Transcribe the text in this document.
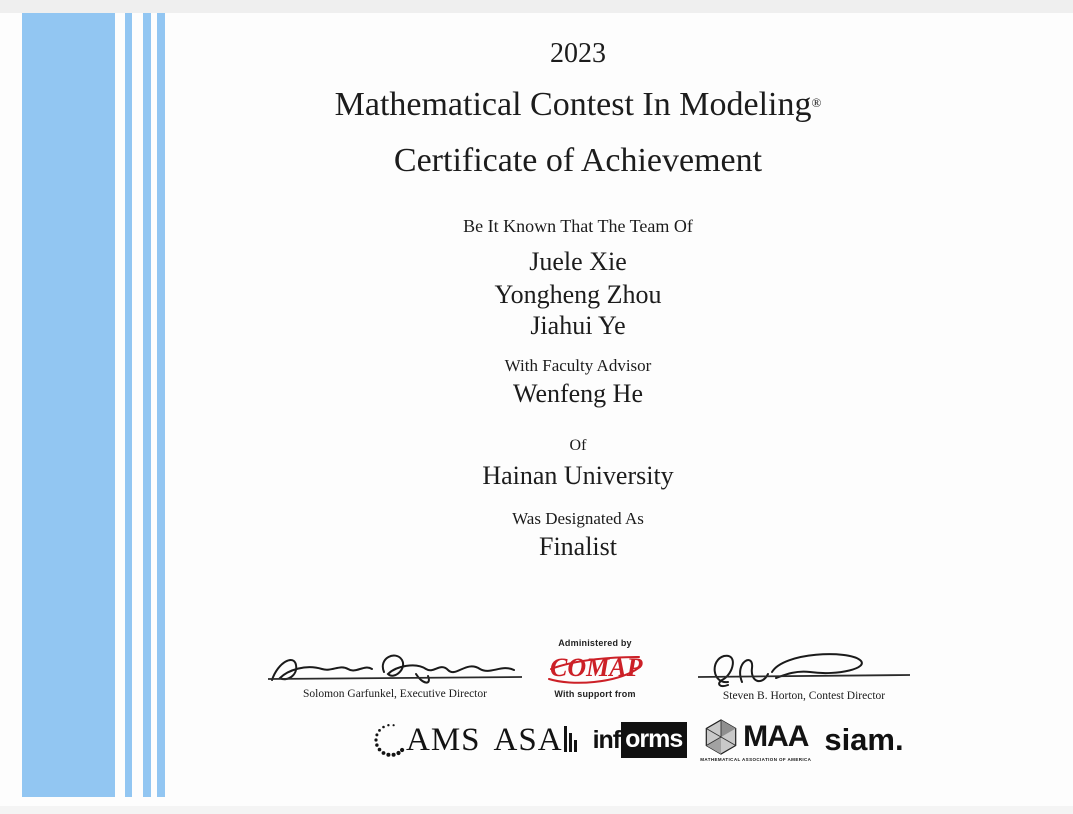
2023
Mathematical Contest In Modeling®
Certificate of Achievement
Be It Known That The Team Of
Juele Xie
Yongheng Zhou
Jiahui Ye
With Faculty Advisor
Wenfeng He
Of
Hainan University
Was Designated As
Finalist
Solomon Garfunkel, Executive Director
Administered by
COMAP
With support from	Steven B. Horton, Contest Director
AMS ASA inf orms MAA
MATHEMATICAL ASSOCIATION OF AMERICA
siam.
